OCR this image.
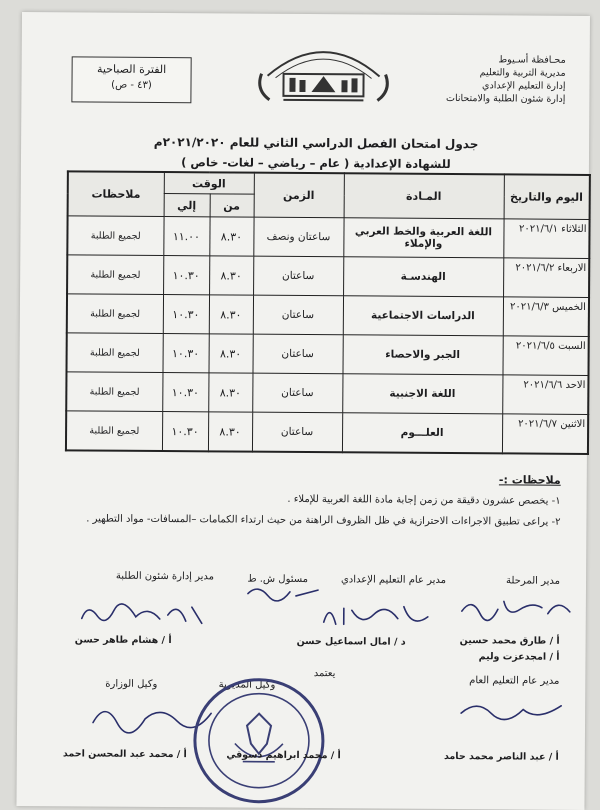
محـافظة أسـيوط
مديرية التربية والتعليم
إدارة التعليم الإعدادي
إدارة شئون الطلبة والامتحانات
الفترة الصباحية
(٤٣ - ص)
جدول امتحان الفصل الدراسي الثاني للعام ٢٠٢١/٢٠٢٠م
للشهادة الإعدادية ( عام – رياضي – لغات- خاص )
اليوم والتاريخ	المـادة	الزمن	الوقت		ملاحظات
			من	إلي	
الثلاثاء ٢٠٢١/٦/١	اللغة العربية والخط العربي والإملاء	ساعتان ونصف	٨.٣٠	١١.٠٠	لجميع الطلبة
الاربعاء ٢٠٢١/٦/٢	الهندسـة	ساعتان	٨.٣٠	١٠.٣٠	لجميع الطلبة
الخميس ٢٠٢١/٦/٣	الدراسات الاجتماعية	ساعتان	٨.٣٠	١٠.٣٠	لجميع الطلبة
السبت ٢٠٢١/٦/٥	الجبر والاحصاء	ساعتان	٨.٣٠	١٠.٣٠	لجميع الطلبة
الاحد ٢٠٢١/٦/٦	اللغة الاجنبية	ساعتان	٨.٣٠	١٠.٣٠	لجميع الطلبة
الاثنين ٢٠٢١/٦/٧	العلـــوم	ساعتان	٨.٣٠	١٠.٣٠	لجميع الطلبة
ملاحظات :-
١- يخصص عشرون دقيقة من زمن إجابة مادة اللغة العربية للإملاء .
٢- يراعى تطبيق الاجراءات الاحترازية في ظل الظروف الراهنة من حيث ارتداء الكمامات –المسافات- مواد التطهير .
مدير المرحلة
مدير عام التعليم الإعدادي
مسئول ش. ط
مدير إدارة شئون الطلبة
أ / طارق محمد حسين
أ / امجدعزت وليم
د / امال اسماعيل حسن
أ / هشام طاهر حسن
مدير عام التعليم العام
يعتمد
وكيل المديرية
وكيل الوزارة
أ / عبد الناصر محمد حامد
أ / محمد ابراهيم دسوقي
أ / محمد عبد المحسن احمد
